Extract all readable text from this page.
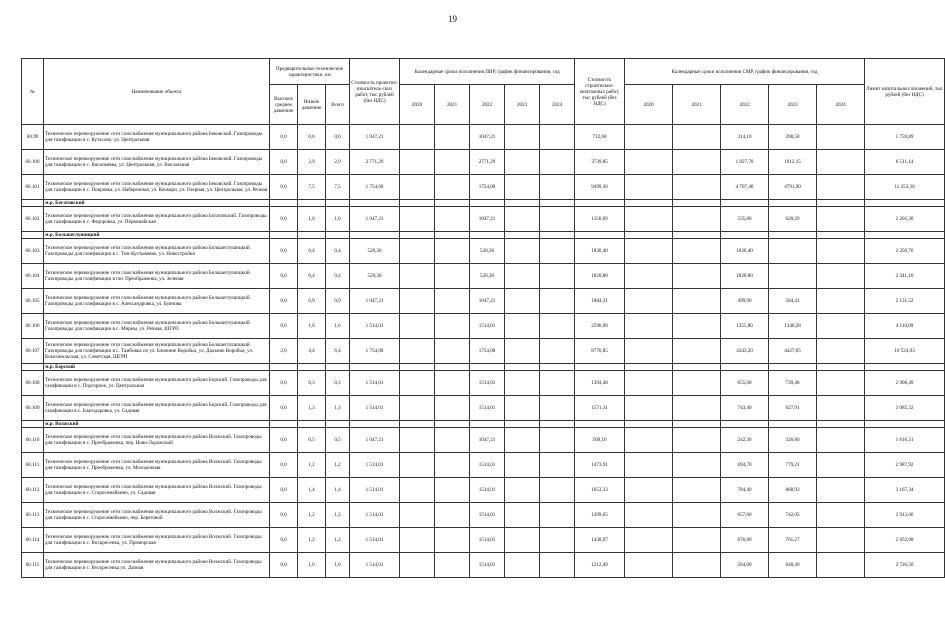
19
№	Наименование объекта	Предварительные технические характеристики, км			Стоимость проектно-изыскатель-ских работ, тыс рублей (без НДС)	Календарные сроки исполнения ПИР, график финансирования, год					Стоимость строительно-монтажных работ, тыс рублей (без НДС)	Календарные сроки исполнения СМР, график финансирования, год					Лимит капитальных вложений, тыс рублей (без НДС)
		Высокое среднее давление	Низкое давление	Всего		2020	2021	2022	2023	2024		2020	2021	2022	2023	2024	
60.99	Техническое перевооружение сети газоснабжения муниципального района Бековский. Газопроводы для газификации в с. Кутасово, ул. Центральная	0,0	0,6	0,6	1 047,21			1047,21			712,68			314,10	398,58		1 759,89
60.100	Техническое перевооружение сети газоснабжения муниципального района Бековский. Газопроводы для газификации в с. Васильевка, ул. Центральная, ул. Вокзальная	0,0	2,9	2,9	2 771,29			2771,29			3739,85			1 827,70	1912,15		6 511,14
60.101	Техническое перевооружение сети газоснабжения муниципального района Бековский. Газопроводы для газификации в с. Покровка, ул. Набережная, ул. Кочкари, ул. Озерная, ул. Центральная, ул. Речная	0,0	7,5	7,5	1 754,00			1754,00			9499,30			4 707,40	4791,90		11 253,30
	м.р. Богатовский																
60.102	Техническое перевооружение сети газоснабжения муниципального района Богатовский. Газопроводы для газификации в с. Федоровка, ул. Первомайская	0,0	1,0	1,0	1 047,21			1047,21			1156,09			535,80	620,29		2 203,30
	м.р. Большеглушицкий																
60.103	Техническое перевооружение сети газоснабжения муниципального района Большеглушицкий. Газопроводы для газификации в с. Тин-Кустыкеево, ул. Новостройки	0,0	0,4	0,4	520,36			520,36			1830,40			1830,40			2 350,76
60.104	Техническое перевооружение сети газоснабжения муниципального района Большеглушицкий. Газопроводы для газификации в пос Преображенка, ул. Зеленая	0,0	0,4	0,4	520,36			520,36			1820,80			1820,80			2 341,16
60.105	Техническое перевооружение сети газоснабжения муниципального района Большеглушицкий. Газопроводы для газификации в с. Александровка, ул. Буянова	0,0	0,9	0,9	1 047,21			1047,21			1084,31			499,90	584,41		2 131,52
60.106	Техническое перевооружение сети газоснабжения муниципального района Большеглушицкий. Газопроводы для газификации в с. Мирны, ул. Речная, ШГРП	0,6	1,0	1,6	1 514,01			1514,01			2596,08			1255,80	1340,28		4 110,09
60.107	Техническое перевооружение сети газоснабжения муниципального района Большеглушицкий. Газопроводы для газификации в с. Тамбовка по ул. Ближние Воробьи, ул. Дальние Воробьи, ул. Комсомольская, ул. Советская, ШГРП	2,0	4,4	6,4	1 754,08			1754,08			8770,85			4343,20	4427,65		10 524,93
	м.р. Борский																
60.108	Техническое перевооружение сети газоснабжения муниципального района Борский. Газопроводы для газификации в с. Подгорное, ул. Центральная	0,0	0,3	0,3	1 514,01			1514,01			1394,48			655,00	739,48		2 908,49
60.109	Техническое перевооружение сети газоснабжения муниципального района Борский. Газопроводы для газификации в с. Благодаровка, ул. Садовая	0,0	1,3	1,3	1 514,01			1514,01			1571,31			743,40	827,91		3 085,32
	м.р. Волжский																
60.110	Техническое перевооружение сети газоснабжения муниципального района Волжский. Газопроводы для газификации в с. Преображенка, пер. Ново-Ладожский	0,0	0,5	0,5	1 047,21			1047,21			569,10			242,30	326,80		1 616,31
60.111	Техническое перевооружение сети газоснабжения муниципального района Волжский. Газопроводы для газификации в с. Преображенка, ул. Молодежная	0,0	1,2	1,2	1 514,01			1514,01			1473,91			694,70	779,21		2 987,92
60.112	Техническое перевооружение сети газоснабжения муниципального района Волжский. Газопроводы для газификации в с. Старосемейкино, ул. Садовая	0,0	1,4	1,4	1 514,01			1514,01			1653,33			784,40	868,93		3 167,34
60.113	Техническое перевооружение сети газоснабжения муниципального района Волжский. Газопроводы для газификации в с. Старосемейкино, пер. Береговой	0,0	1,2	1,2	1 514,01			1514,01			1399,65			657,60	742,05		2 913,66
60.114	Техническое перевооружение сети газоснабжения муниципального района Волжский. Газопроводы для газификации в с. Воскресенка, ул. Приморская	0,0	1,2	1,2	1 514,01			1514,01			1438,07			676,80	761,27		2 952,08
60.115	Техническое перевооружение сети газоснабжения муниципального района Волжский. Газопроводы для газификации в с. Воскресенка ул. Дачная	0,0	1,0	1,0	1 514,01			1514,01			1212,49			564,00	648,49		2 726,50
